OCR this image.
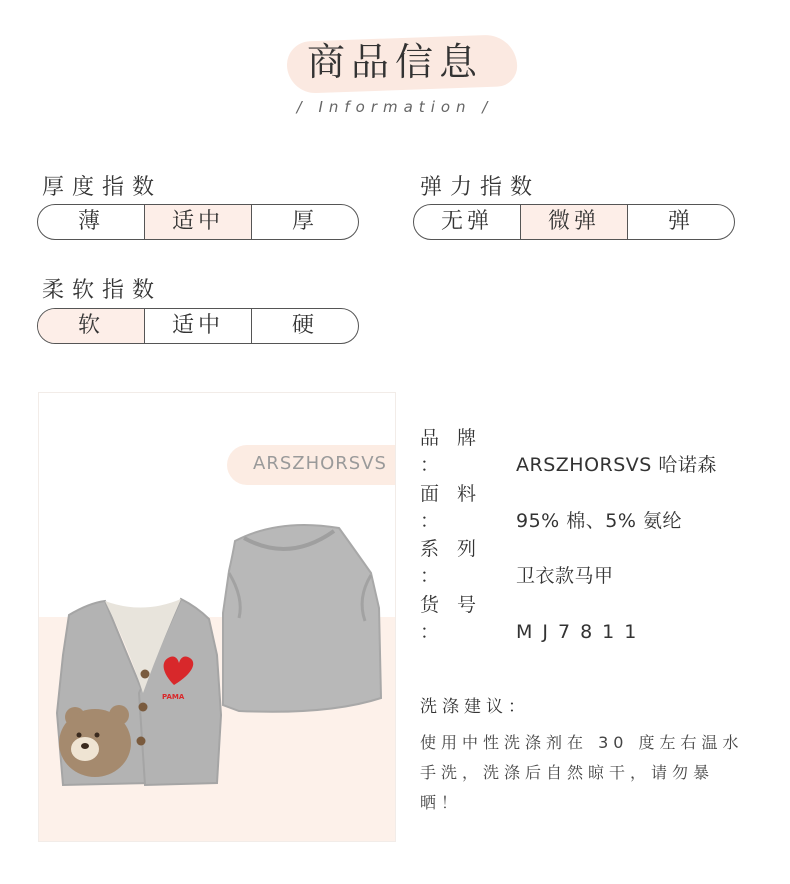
商品信息
/ Information /
厚度指数
薄	适中	厚
弹力指数
无弹	微弹	弹
柔软指数
软	适中	硬
ARSZHORSVS
PAMA
品 牌 ：	ARSZHORSVS 哈诺森
面 料 ：	95% 棉、5% 氨纶
系 列 ：	卫衣款马甲
货 号 ：	MJ7811
洗涤建议：
使用中性洗涤剂在 30 度左右温水手洗，洗涤后自然晾干，请勿暴晒！
